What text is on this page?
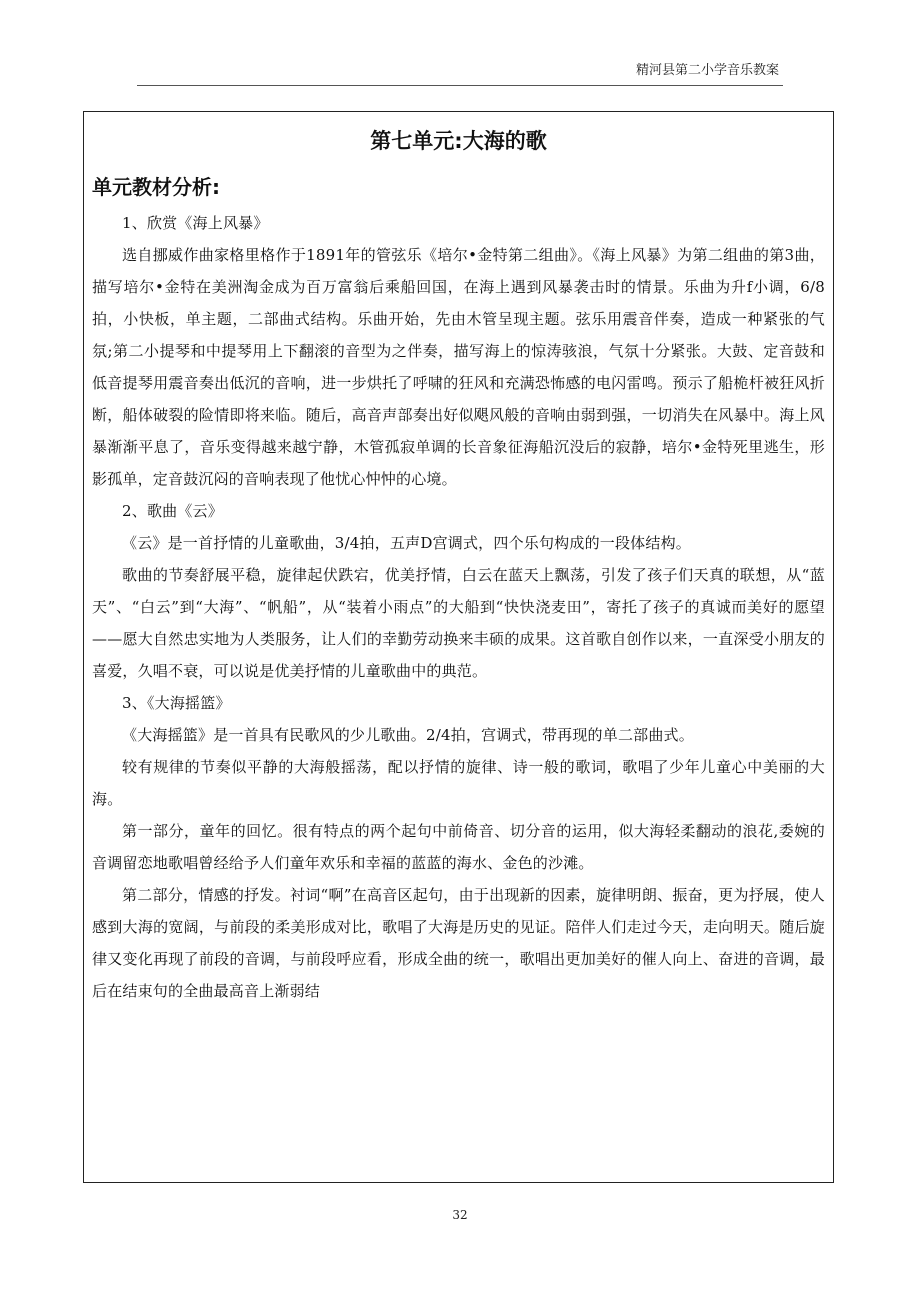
精河县第二小学音乐教案
第七单元:大海的歌
单元教材分析:

1、欣赏《海上风暴》

选自挪威作曲家格里格作于1891年的管弦乐《培尔•金特第二组曲》。《海上风暴》为第二组曲的第3曲，描写培尔•金特在美洲淘金成为百万富翁后乘船回国，在海上遇到风暴袭击时的情景。乐曲为升f小调，6/8拍，小快板，单主题，二部曲式结构。乐曲开始，先由木管呈现主题。弦乐用震音伴奏，造成一种紧张的气氛;第二小提琴和中提琴用上下翻滚的音型为之伴奏，描写海上的惊涛骇浪，气氛十分紧张。大鼓、定音鼓和低音提琴用震音奏出低沉的音响，进一步烘托了呼啸的狂风和充满恐怖感的电闪雷鸣。预示了船桅杆被狂风折断，船体破裂的险情即将来临。随后，高音声部奏出好似飓风般的音响由弱到强，一切消失在风暴中。海上风暴渐渐平息了，音乐变得越来越宁静，木管孤寂单调的长音象征海船沉没后的寂静，培尔•金特死里逃生，形影孤单，定音鼓沉闷的音响表现了他忧心忡忡的心境。

2、歌曲《云》

《云》是一首抒情的儿童歌曲，3/4拍，五声D宫调式，四个乐句构成的一段体结构。

歌曲的节奏舒展平稳，旋律起伏跌宕，优美抒情，白云在蓝天上飘荡，引发了孩子们天真的联想，从“蓝天”、“白云”到“大海”、“帆船”，从“装着小雨点”的大船到“快快浇麦田”，寄托了孩子的真诚而美好的愿望——愿大自然忠实地为人类服务，让人们的幸勤劳动换来丰硕的成果。这首歌自创作以来，一直深受小朋友的喜爱，久唱不衰，可以说是优美抒情的儿童歌曲中的典范。

3、《大海摇篮》

《大海摇篮》是一首具有民歌风的少儿歌曲。2/4拍，宫调式，带再现的单二部曲式。

较有规律的节奏似平静的大海般摇荡，配以抒情的旋律、诗一般的歌词，歌唱了少年儿童心中美丽的大海。

第一部分，童年的回忆。很有特点的两个起句中前倚音、切分音的运用，似大海轻柔翻动的浪花,委婉的音调留恋地歌唱曾经给予人们童年欢乐和幸福的蓝蓝的海水、金色的沙滩。

第二部分，情感的抒发。衬词“啊”在高音区起句，由于出现新的因素，旋律明朗、振奋，更为抒展，使人感到大海的宽阔，与前段的柔美形成对比，歌唱了大海是历史的见证。陪伴人们走过今天，走向明天。随后旋律又变化再现了前段的音调，与前段呼应看，形成全曲的统一，歌唱出更加美好的催人向上、奋进的音调，最后在结束句的全曲最高音上渐弱结

32
